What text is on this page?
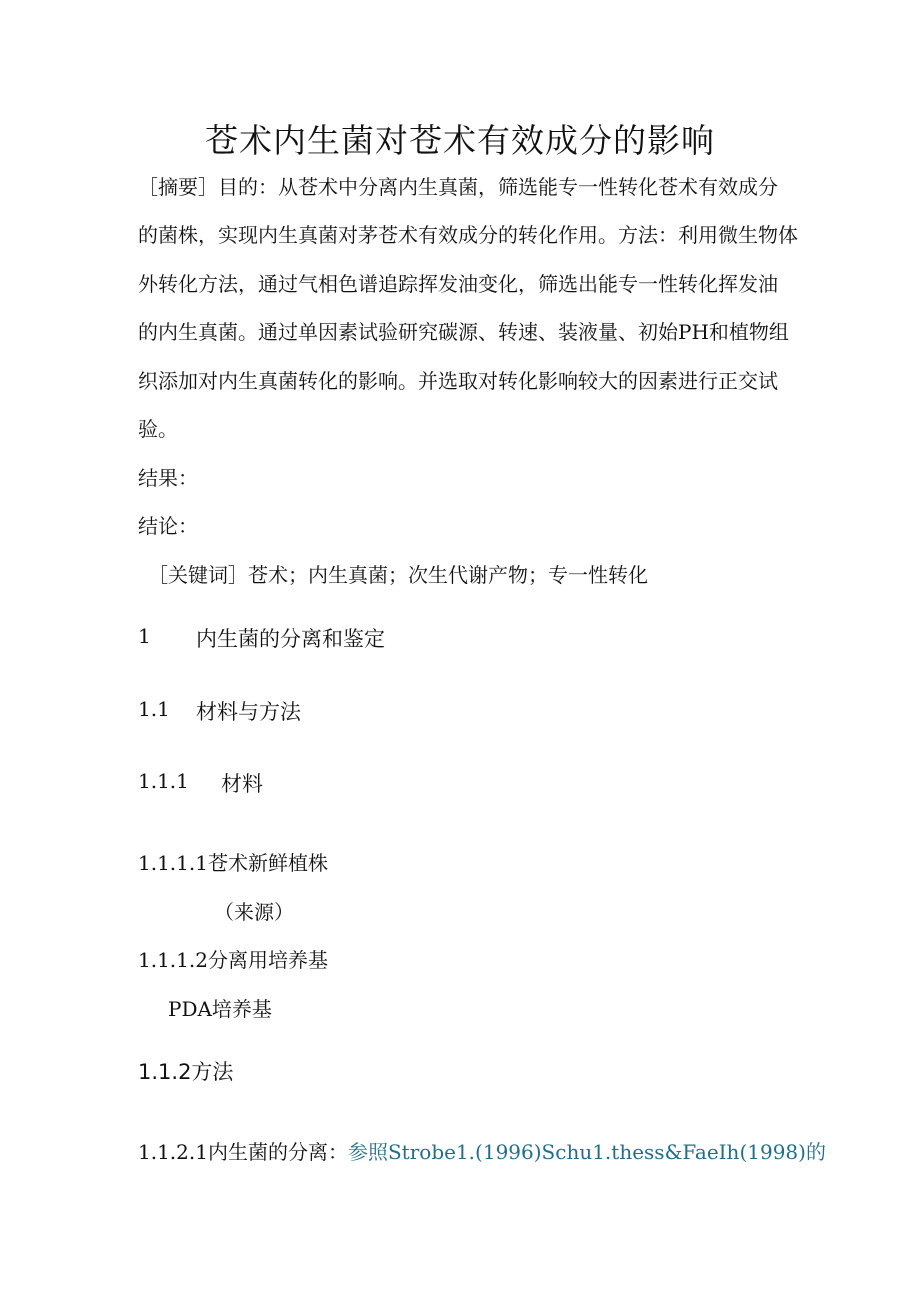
苍术内生菌对苍术有效成分的影响
［摘要］目的：从苍术中分离内生真菌，筛选能专一性转化苍术有效成分
的菌株，实现内生真菌对茅苍术有效成分的转化作用。方法：利用微生物体
外转化方法，通过气相色谱追踪挥发油变化，筛选出能专一性转化挥发油
的内生真菌。通过单因素试验研究碳源、转速、装液量、初始PH和植物组
织添加对内生真菌转化的影响。并选取对转化影响较大的因素进行正交试
验。
结果：
结论：
［关键词］苍术；内生真菌；次生代谢产物；专一性转化
1 内生菌的分离和鉴定
1.1 材料与方法
1.1.1 材料
1.1.1.1苍术新鲜植株
（来源）
1.1.1.2分离用培养基
PDA培养基
1.1.2方法
1.1.2.1内生菌的分离：参照Strobe1.(1996)Schu1.thess&FaeIh(1998)的
